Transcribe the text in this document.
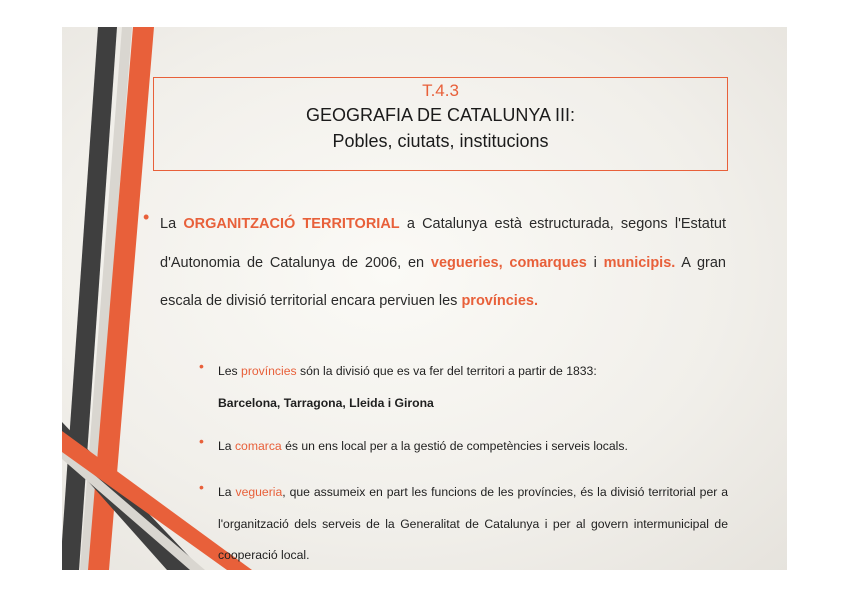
T.4.3
GEOGRAFIA DE CATALUNYA III:
Pobles, ciutats, institucions
• La ORGANITZACIÓ TERRITORIAL a Catalunya està estructurada, segons l'Estatut d'Autonomia de Catalunya de 2006, en vegueries, comarques i municipis. A gran escala de divisió territorial encara perviuen les províncies.
• Les províncies són la divisió que es va fer del territori a partir de 1833:
Barcelona, Tarragona, Lleida i Girona
• La comarca és un ens local per a la gestió de competències i serveis locals.
• La vegueria, que assumeix en part les funcions de les províncies, és la divisió territorial per a l'organització dels serveis de la Generalitat de Catalunya i per al govern intermunicipal de cooperació local.
